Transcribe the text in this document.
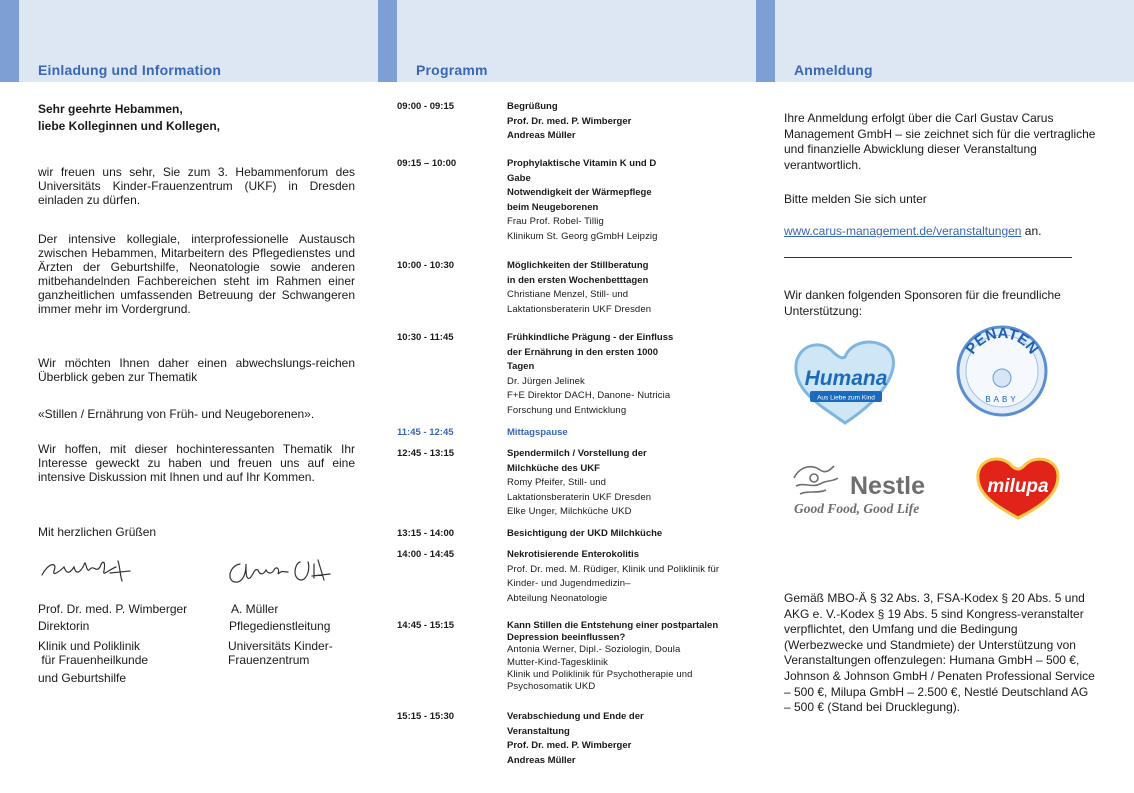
Einladung und Information	Programm	Anmeldung

Sehr geehrte Hebammen,

liebe Kolleginnen und Kollegen,

wir freuen uns sehr, Sie zum 3. Hebammenforum des Universitäts Kinder-Frauenzentrum (UKF) in Dresden einladen zu dürfen.

Der intensive kollegiale, interprofessionelle Austausch zwischen Hebammen, Mitarbeitern des Pflegedienstes und Ärzten der Geburtshilfe, Neonatologie sowie anderen mitbehandelnden Fachbereichen steht im Rahmen einer ganzheitlichen umfassenden Betreuung der Schwangeren immer mehr im Vordergrund.

Wir möchten Ihnen daher einen abwechslungs-reichen Überblick geben zur Thematik

«Stillen / Ernährung von Früh- und Neugeborenen».

Wir hoffen, mit dieser hochinteressanten Thematik Ihr Interesse geweckt zu haben und freuen uns auf eine intensive Diskussion mit Ihnen und auf Ihr Kommen.

Mit herzlichen Grüßen

Prof. Dr. med. P. Wimberger
Direktorin
Klinik und Poliklinik
für Frauenheilkunde
und Geburtshilfe
A. Müller
Pflegedienstleitung
Universitäts Kinder-
Frauenzentrum
09:00 - 09:15	Begrüßung
Prof. Dr. med. P. Wimberger
Andreas Müller
09:15 – 10:00	Prophylaktische Vitamin K und D
Gabe
Notwendigkeit der Wärmepflege
beim Neugeborenen
Frau Prof. Robel- Tillig
Klinikum St. Georg gGmbH Leipzig
10:00 - 10:30	Möglichkeiten der Stillberatung
in den ersten Wochenbetttagen
Christiane Menzel, Still- und
Laktationsberaterin UKF Dresden
10:30 - 11:45	Frühkindliche Prägung - der Einfluss
der Ernährung in den ersten 1000
Tagen
Dr. Jürgen Jelinek
F+E Direktor DACH, Danone- Nutricia
Forschung und Entwicklung
11:45 - 12:45	Mittagspause
12:45 - 13:15	Spendermilch / Vorstellung der
Milchküche des UKF
Romy Pfeifer, Still- und
Laktationsberaterin UKF Dresden
Elke Unger, Milchküche UKD
13:15 - 14:00	Besichtigung der UKD Milchküche
14:00 - 14:45	Nekrotisierende Enterokolitis
Prof. Dr. med. M. Rüdiger, Klinik und Poliklinik für
Kinder- und Jugendmedizin–
Abteilung Neonatologie
14:45 - 15:15	Kann Stillen die Entstehung einer postpartalen
Depression beeinflussen?
Antonia Werner, Dipl.- Soziologin, Doula
Mutter-Kind-Tagesklinik
Klinik und Poliklinik für Psychotherapie und
Psychosomatik UKD
15:15 - 15:30	Verabschiedung und Ende der
Veranstaltung
Prof. Dr. med. P. Wimberger
Andreas Müller

Ihre Anmeldung erfolgt über die Carl Gustav Carus Management GmbH – sie zeichnet sich für die vertragliche und finanzielle Abwicklung dieser Veranstaltung verantwortlich.

Bitte melden Sie sich unter

www.carus-management.de/veranstaltungen an.

Wir danken folgenden Sponsoren für die freundliche Unterstützung:

Humana
Aus Liebe zum Kind
PENATEN
BABY
Nestle
Good Food, Good Life
milupa

Gemäß MBO-Ä § 32 Abs. 3, FSA-Kodex § 20 Abs. 5 und AKG e. V.-Kodex § 19 Abs. 5 sind Kongress-veranstalter verpflichtet, den Umfang und die Bedingung (Werbezwecke und Standmiete) der Unterstützung von Veranstaltungen offenzulegen: Humana GmbH – 500 €, Johnson & Johnson GmbH / Penaten Professional Service – 500 €, Milupa GmbH – 2.500 €, Nestlé Deutschland AG – 500 € (Stand bei Drucklegung).
